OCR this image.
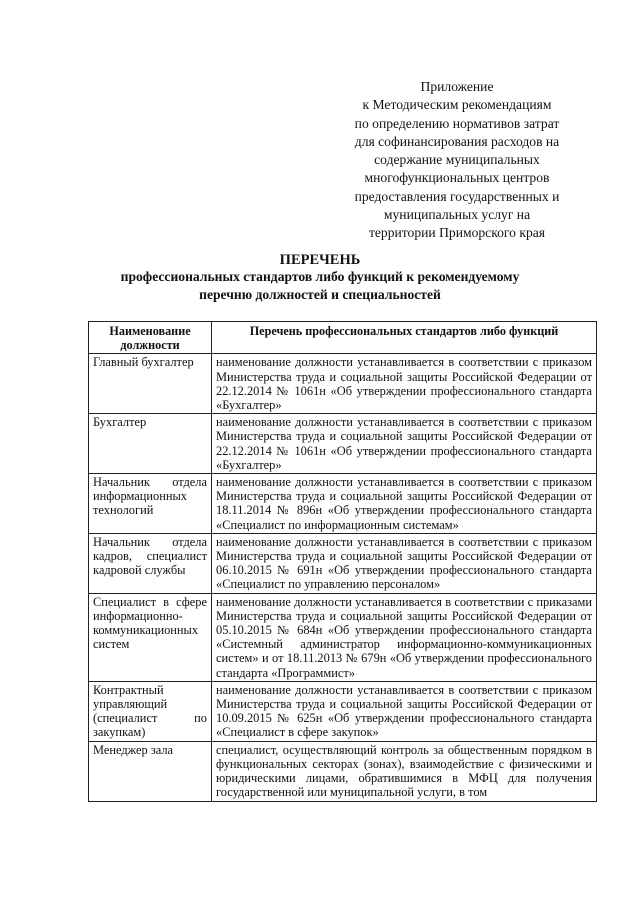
Приложение
к Методическим рекомендациям
по определению нормативов затрат
для софинансирования расходов на
содержание муниципальных
многофункциональных центров
предоставления государственных и
муниципальных услуг на
территории Приморского края
ПЕРЕЧЕНЬ
профессиональных стандартов либо функций к рекомендуемому
перечню должностей и специальностей
Наименование должности	Перечень профессиональных стандартов либо функций
Главный бухгалтер	наименование должности устанавливается в соответствии с приказом Министерства труда и социальной защиты Российской Федерации от 22.12.2014 № 1061н «Об утверждении профессионального стандарта «Бухгалтер»
Бухгалтер	наименование должности устанавливается в соответствии с приказом Министерства труда и социальной защиты Российской Федерации от 22.12.2014 № 1061н «Об утверждении профессионального стандарта «Бухгалтер»
Начальник отдела информационных технологий	наименование должности устанавливается в соответствии с приказом Министерства труда и социальной защиты Российской Федерации от 18.11.2014 № 896н «Об утверждении профессионального стандарта «Специалист по информационным системам»
Начальник отдела кадров, специалист кадровой службы	наименование должности устанавливается в соответствии с приказом Министерства труда и социальной защиты Российской Федерации от 06.10.2015 № 691н «Об утверждении профессионального стандарта «Специалист по управлению персоналом»
Специалист в сфере информационно-коммуникационных систем	наименование должности устанавливается в соответствии с приказами Министерства труда и социальной защиты Российской Федерации от 05.10.2015 № 684н «Об утверждении профессионального стандарта «Системный администратор информационно-коммуникационных систем» и от 18.11.2013 № 679н «Об утверждении профессионального стандарта «Программист»
Контрактный управляющий (специалист по закупкам)	наименование должности устанавливается в соответствии с приказом Министерства труда и социальной защиты Российской Федерации от 10.09.2015 № 625н «Об утверждении профессионального стандарта «Специалист в сфере закупок»
Менеджер зала	специалист, осуществляющий контроль за общественным порядком в функциональных секторах (зонах), взаимодействие с физическими и юридическими лицами, обратившимися в МФЦ для получения государственной или муниципальной услуги, в том
